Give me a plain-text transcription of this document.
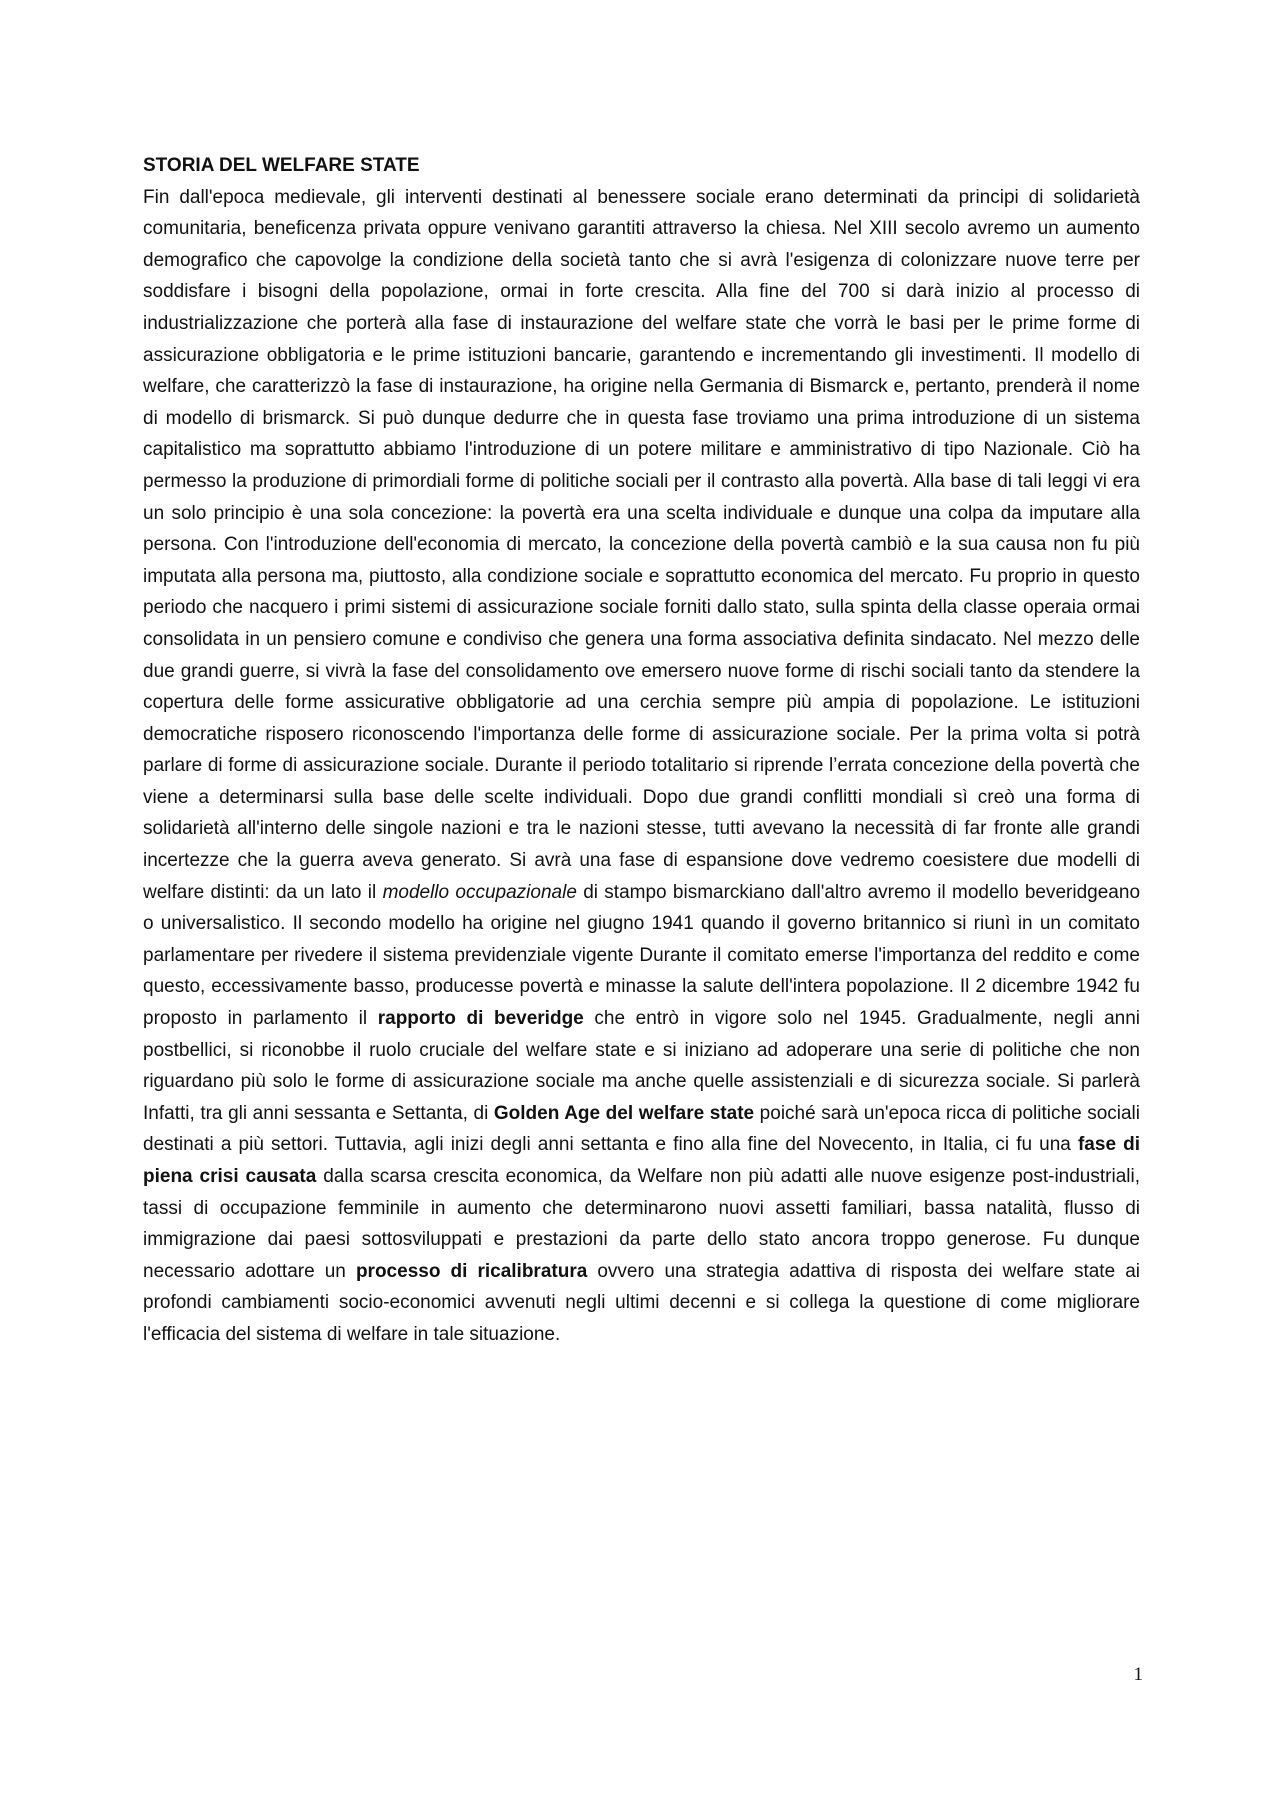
STORIA DEL WELFARE STATE

Fin dall'epoca medievale, gli interventi destinati al benessere sociale erano determinati da principi di solidarietà comunitaria, beneficenza privata oppure venivano garantiti attraverso la chiesa. Nel XIII secolo avremo un aumento demografico che capovolge la condizione della società tanto che si avrà l'esigenza di colonizzare nuove terre per soddisfare i bisogni della popolazione, ormai in forte crescita. Alla fine del 700 si darà inizio al processo di industrializzazione che porterà alla fase di instaurazione del welfare state che vorrà le basi per le prime forme di assicurazione obbligatoria e le prime istituzioni bancarie, garantendo e incrementando gli investimenti. Il modello di welfare, che caratterizzò la fase di instaurazione, ha origine nella Germania di Bismarck e, pertanto, prenderà il nome di modello di brismarck. Si può dunque dedurre che in questa fase troviamo una prima introduzione di un sistema capitalistico ma soprattutto abbiamo l'introduzione di un potere militare e amministrativo di tipo Nazionale. Ciò ha permesso la produzione di primordiali forme di politiche sociali per il contrasto alla povertà. Alla base di tali leggi vi era un solo principio è una sola concezione: la povertà era una scelta individuale e dunque una colpa da imputare alla persona. Con l'introduzione dell'economia di mercato, la concezione della povertà cambiò e la sua causa non fu più imputata alla persona ma, piuttosto, alla condizione sociale e soprattutto economica del mercato. Fu proprio in questo periodo che nacquero i primi sistemi di assicurazione sociale forniti dallo stato, sulla spinta della classe operaia ormai consolidata in un pensiero comune e condiviso che genera una forma associativa definita sindacato. Nel mezzo delle due grandi guerre, si vivrà la fase del consolidamento ove emersero nuove forme di rischi sociali tanto da stendere la copertura delle forme assicurative obbligatorie ad una cerchia sempre più ampia di popolazione. Le istituzioni democratiche risposero riconoscendo l'importanza delle forme di assicurazione sociale. Per la prima volta si potrà parlare di forme di assicurazione sociale. Durante il periodo totalitario si riprende l’errata concezione della povertà che viene a determinarsi sulla base delle scelte individuali. Dopo due grandi conflitti mondiali sì creò una forma di solidarietà all'interno delle singole nazioni e tra le nazioni stesse, tutti avevano la necessità di far fronte alle grandi incertezze che la guerra aveva generato. Si avrà una fase di espansione dove vedremo coesistere due modelli di welfare distinti: da un lato il modello occupazionale di stampo bismarckiano dall'altro avremo il modello beveridgeano o universalistico. Il secondo modello ha origine nel giugno 1941 quando il governo britannico si riunì in un comitato parlamentare per rivedere il sistema previdenziale vigente Durante il comitato emerse l'importanza del reddito e come questo, eccessivamente basso, producesse povertà e minasse la salute dell'intera popolazione. Il 2 dicembre 1942 fu proposto in parlamento il rapporto di beveridge che entrò in vigore solo nel 1945. Gradualmente, negli anni postbellici, si riconobbe il ruolo cruciale del welfare state e si iniziano ad adoperare una serie di politiche che non riguardano più solo le forme di assicurazione sociale ma anche quelle assistenziali e di sicurezza sociale. Si parlerà Infatti, tra gli anni sessanta e Settanta, di Golden Age del welfare state poiché sarà un'epoca ricca di politiche sociali destinati a più settori. Tuttavia, agli inizi degli anni settanta e fino alla fine del Novecento, in Italia, ci fu una fase di piena crisi causata dalla scarsa crescita economica, da Welfare non più adatti alle nuove esigenze post-industriali, tassi di occupazione femminile in aumento che determinarono nuovi assetti familiari, bassa natalità, flusso di immigrazione dai paesi sottosviluppati e prestazioni da parte dello stato ancora troppo generose. Fu dunque necessario adottare un processo di ricalibratura ovvero una strategia adattiva di risposta dei welfare state ai profondi cambiamenti socio-economici avvenuti negli ultimi decenni e si collega la questione di come migliorare l'efficacia del sistema di welfare in tale situazione.

1
